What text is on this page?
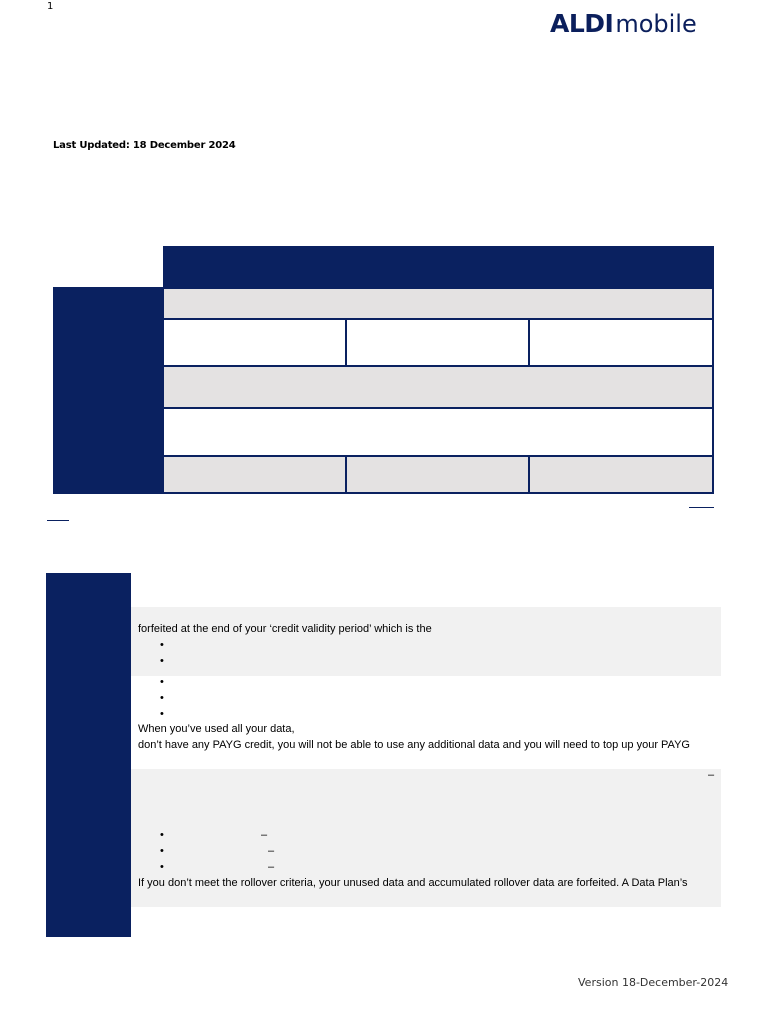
1
ALDImobile
Last Updated: 18 December 2024
forfeited at the end of your ‘credit validity period’ which is the
•
•
•
•
•
When you’ve used all your data,
don’t have any PAYG credit, you will not be able to use any additional data and you will need to top up your PAYG
–
•	–
•	–
•	–
If you don’t meet the rollover criteria, your unused data and accumulated rollover data are forfeited. A Data Plan’s
Version 18-December-2024
